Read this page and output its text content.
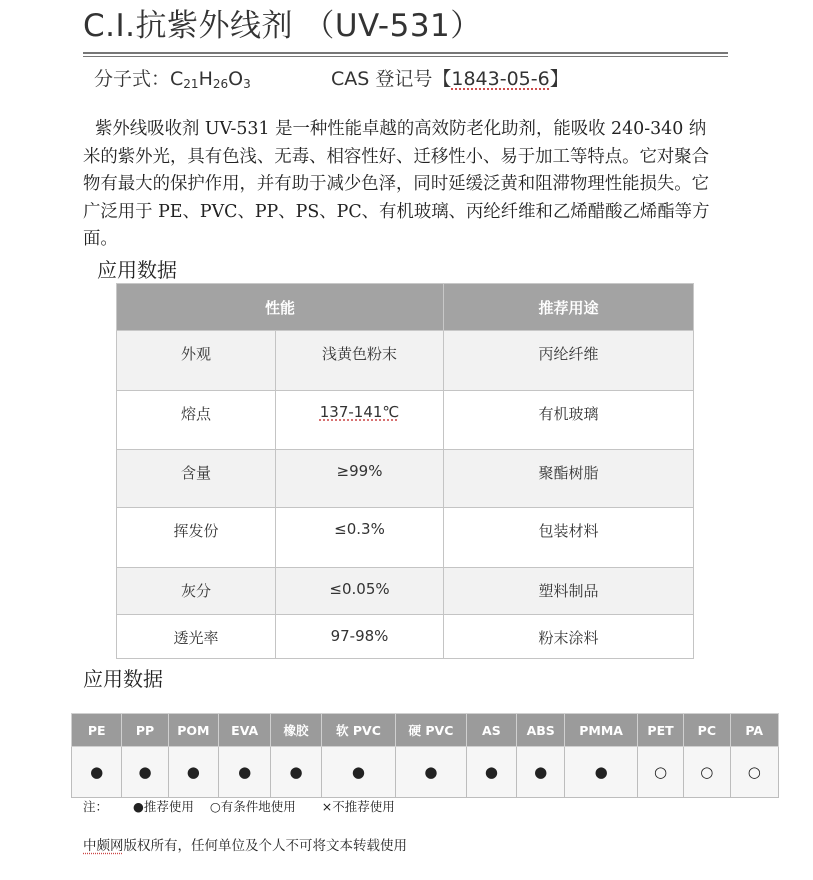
C.I.抗紫外线剂 （UV-531）
分子式：$C_{21}H_{26}O_3$	CAS 登记号【1843-05-6】

紫外线吸收剂 UV-531 是一种性能卓越的高效防老化助剂，能吸收 240-340 纳米的紫外光，具有色浅、无毒、相容性好、迁移性小、易于加工等特点。它对聚合物有最大的保护作用，并有助于减少色泽，同时延缓泛黄和阻滞物理性能损失。它广泛用于 PE、PVC、PP、PS、PC、有机玻璃、丙纶纤维和乙烯醋酸乙烯酯等方面。

应用数据
性能		推荐用途
外观	浅黄色粉末	丙纶纤维
熔点	137-141℃	有机玻璃
含量	≥99%	聚酯树脂
挥发份	≤0.3%	包装材料
灰分	≤0.05%	塑料制品
透光率	97-98%	粉末涂料
应用数据
PE	PP	POM	EVA	橡胶	软 PVC	硬 PVC	AS	ABS	PMMA	PET	PC	PA
●	●	●	●	●	●	●	●	●	●	○	○	○
注： ●推荐使用 ○有条件地使用 ×不推荐使用
中颇网版权所有，任何单位及个人不可将文本转载使用
